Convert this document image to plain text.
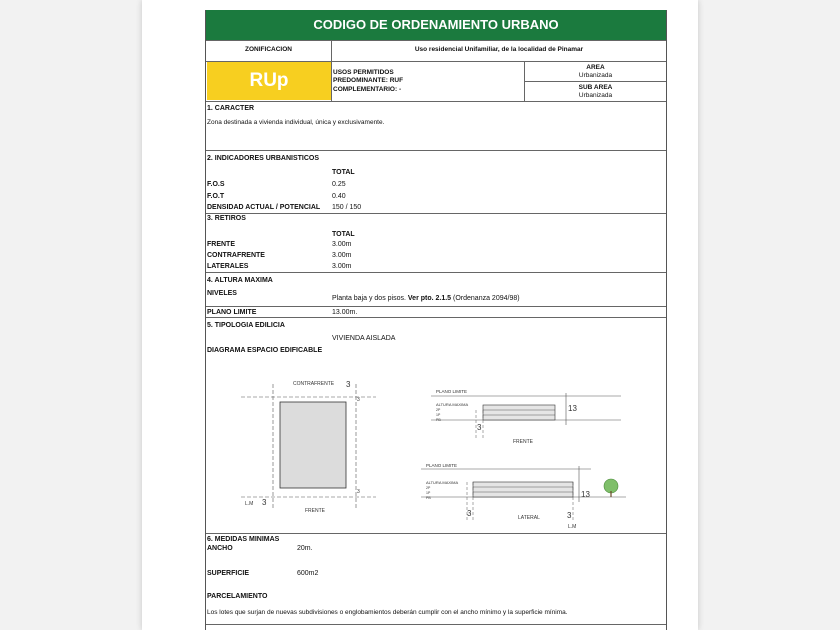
CODIGO DE ORDENAMIENTO URBANO
ZONIFICACION	Uso residencial Unifamiliar, de la localidad de Pinamar
RUp	USOS PERMITIDOS
PREDOMINANTE: RUF
COMPLEMENTARIO: -
AREA
Urbanizada
SUB AREA
Urbanizada
1. CARACTER
Zona destinada a vivienda individual, única y exclusivamente.
2. INDICADORES URBANISTICOS
TOTAL
F.O.S	0.25
F.O.T	0.40
DENSIDAD ACTUAL / POTENCIAL 150 / 150
3. RETIROS
TOTAL
FRENTE	3.00m
CONTRAFRENTE	3.00m
LATERALES	3.00m
4. ALTURA MAXIMA
NIVELES
Planta baja y dos pisos. Ver pto. 2.1.5 (Ordenanza 2094/98)
PLANO LIMITE	13.00m.
5. TIPOLOGIA EDILICIA
VIVIENDA AISLADA
DIAGRAMA ESPACIO EDIFICABLE
CONTRAFRENTE 3
3
3
3
L.M
FRENTE
PLANO LIMITE
ALTURA MAXIMA
2P
1P
PB
13
3
FRENTE
PLANO LIMITE
ALTURA MAXIMA
2P
1P
PB	13
3	3
LATERAL
L.M
6. MEDIDAS MINIMAS
ANCHO	20m.
SUPERFICIE	600m2
PARCELAMIENTO
Los lotes que surjan de nuevas subdivisiones o englobamientos deberán cumplir con el ancho mínimo y la superficie mínima.
